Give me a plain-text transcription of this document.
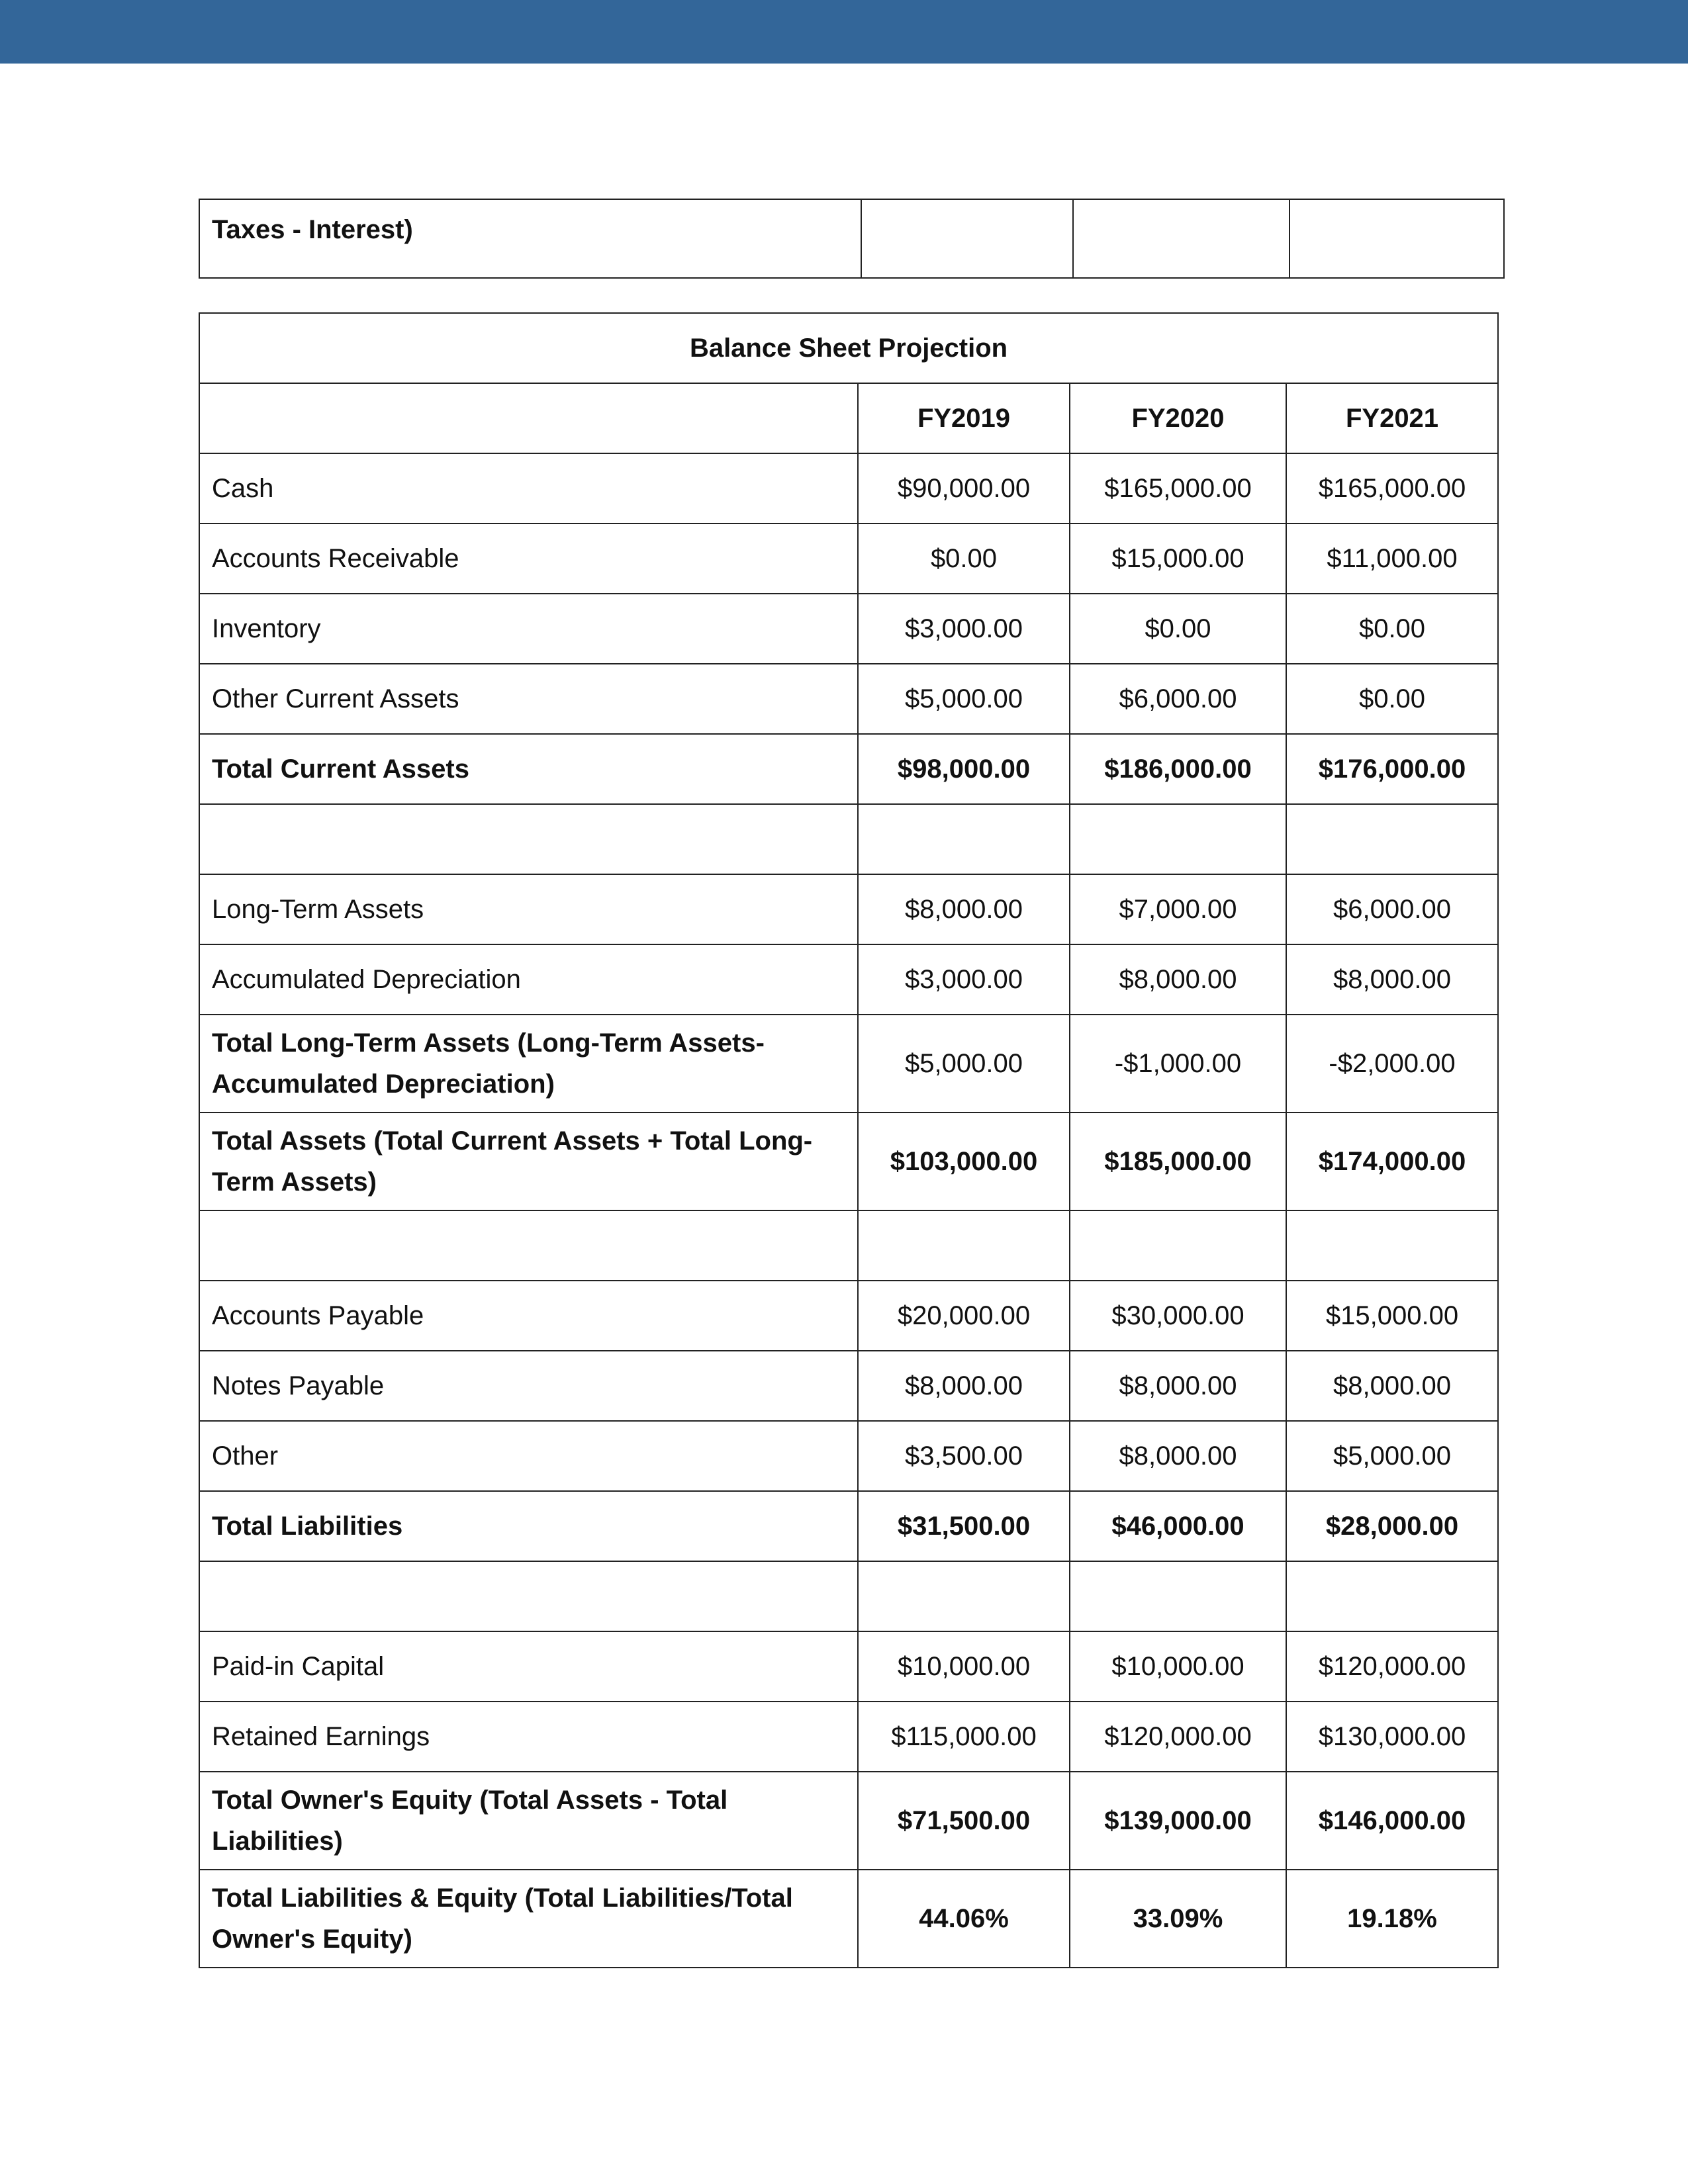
Taxes - Interest)			
Balance Sheet Projection			
	FY2019	FY2020	FY2021
Cash	$90,000.00	$165,000.00	$165,000.00
Accounts Receivable	$0.00	$15,000.00	$11,000.00
Inventory	$3,000.00	$0.00	$0.00
Other Current Assets	$5,000.00	$6,000.00	$0.00
Total Current Assets	$98,000.00	$186,000.00	$176,000.00

Long-Term Assets	$8,000.00	$7,000.00	$6,000.00
Accumulated Depreciation	$3,000.00	$8,000.00	$8,000.00
Total Long-Term Assets (Long-Term Assets-Accumulated Depreciation)	$5,000.00	-$1,000.00	-$2,000.00
Total Assets (Total Current Assets + Total Long-Term Assets)	$103,000.00	$185,000.00	$174,000.00

Accounts Payable	$20,000.00	$30,000.00	$15,000.00
Notes Payable	$8,000.00	$8,000.00	$8,000.00
Other	$3,500.00	$8,000.00	$5,000.00
Total Liabilities	$31,500.00	$46,000.00	$28,000.00

Paid-in Capital	$10,000.00	$10,000.00	$120,000.00
Retained Earnings	$115,000.00	$120,000.00	$130,000.00
Total Owner's Equity (Total Assets - Total Liabilities)	$71,500.00	$139,000.00	$146,000.00
Total Liabilities & Equity (Total Liabilities/Total Owner's Equity)	44.06%	33.09%	19.18%
